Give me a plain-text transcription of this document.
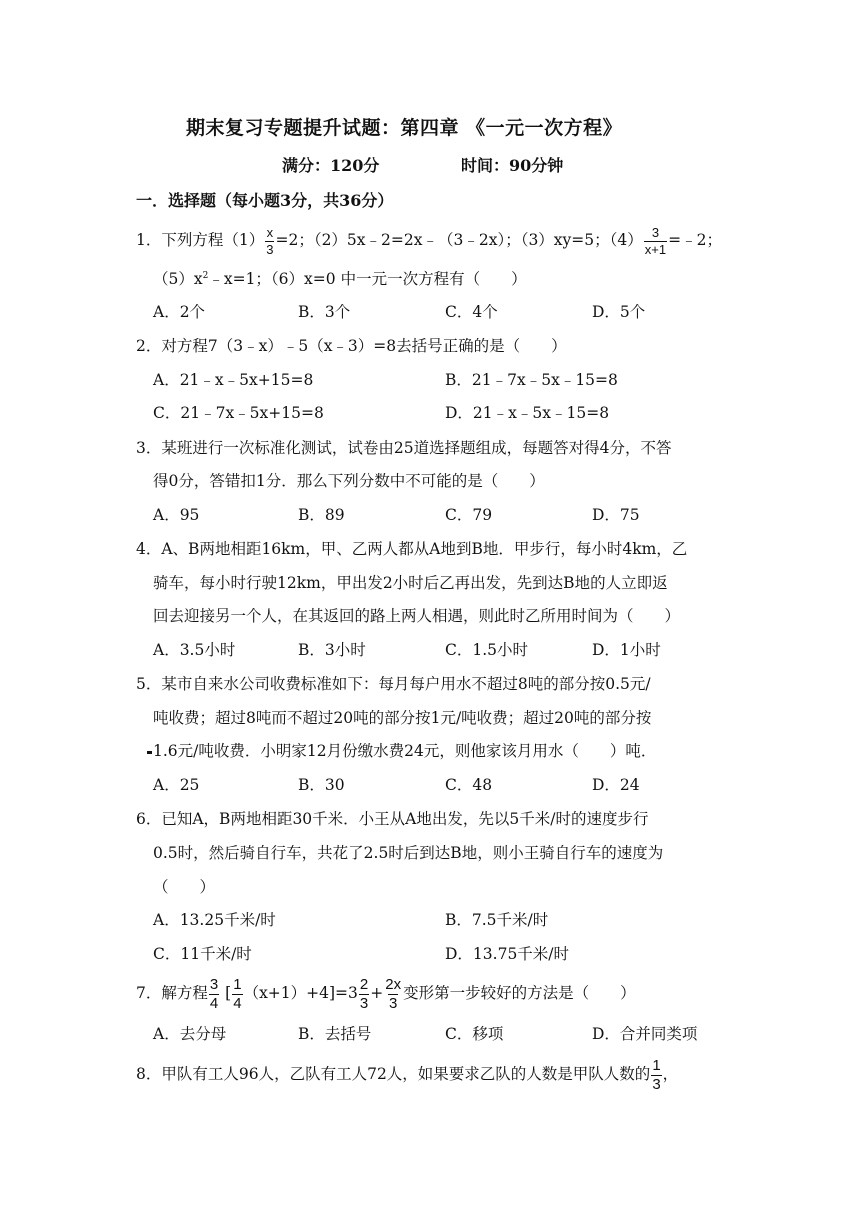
期末复习专题提升试题：第四章 《一元一次方程》
满分：120分	时间：90分钟
一．选择题（每小题3分，共36分）
1．下列方程$(1) \frac{x}{3} =2$；（2）5x﹣2=2x﹣（3﹣2x）；（3）xy=5；$(4) \frac{3}{x+1}$ =﹣2；
$(5)x^2﹣x=1$；（6）x=0 中一元一次方程有（　　）
A．2个	B．3个	C．4个	D．5个
2．对方程7（3﹣x）﹣5（x﹣3）=8去括号正确的是（　　）
A．21﹣x﹣5x+15=8	B．21﹣7x﹣5x﹣15=8
C．21﹣7x﹣5x+15=8	D．21﹣x﹣5x﹣15=8
3．某班进行一次标准化测试，试卷由25道选择题组成，每题答对得4分，不答
得0分，答错扣1分．那么下列分数中不可能的是（　　）
A．95	B．89	C．79	D．75
4．A、B两地相距16km，甲、乙两人都从A地到B地．甲步行，每小时4km，乙
骑车，每小时行驶12km，甲出发2小时后乙再出发，先到达B地的人立即返
回去迎接另一个人，在其返回的路上两人相遇，则此时乙所用时间为（　　）
A．3.5小时	B．3小时	C．1.5小时	D．1小时
5．某市自来水公司收费标准如下：每月每户用水不超过8吨的部分按0.5元/
吨收费；超过8吨而不超过20吨的部分按1元/吨收费；超过20吨的部分按
1.6元/吨收费．小明家12月份缴水费24元，则他家该月用水（　　）吨．
A．25	B．30	C．48	D．24
6．已知A，B两地相距30千米．小王从A地出发，先以5千米/时的速度步行
0.5时，然后骑自行车，共花了2.5时后到达B地，则小王骑自行车的速度为
（　　）
A．13.25千米/时	B．7.5千米/时
C．11千米/时	D．13.75千米/时
7．解方程 $\frac{3}{4}$ [ $\frac{1}{4} (x+1)+4]=3 \frac{2}{3} + \frac{2x}{3}$ 变形第一步较好的方法是（　　）
A．去分母	B．去括号	C．移项	D．合并同类项
8．甲队有工人96人，乙队有工人72人，如果要求乙队的人数是甲队人数的 $\frac{1}{3}$ ，
